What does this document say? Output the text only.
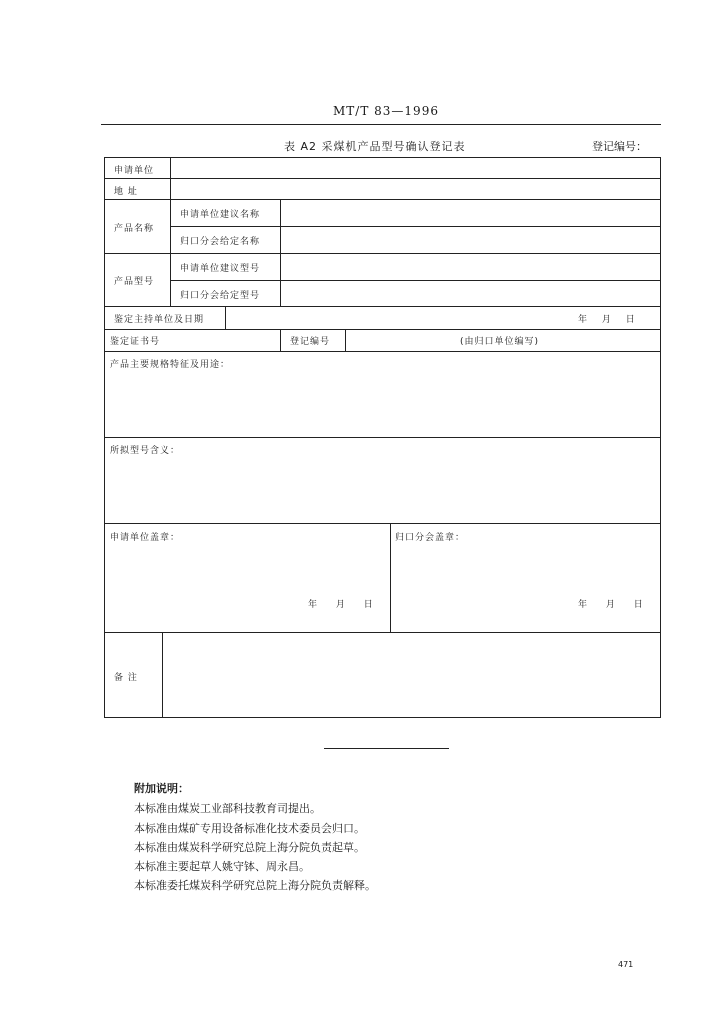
MT/T 83—1996
表 A2 采煤机产品型号确认登记表	登记编号：
申请单位
地 址
产品名称
申请单位建议名称
归口分会给定名称
产品型号
申请单位建议型号
归口分会给定型号
鉴定主持单位及日期	年 月 日
鉴定证书号	登记编号	(由归口单位编写)
产品主要规格特征及用途：
所拟型号含义：
申请单位盖章：	归口分会盖章：
年 月 日	年 月 日
备 注
附加说明：
本标准由煤炭工业部科技教育司提出。
本标准由煤矿专用设备标准化技术委员会归口。
本标准由煤炭科学研究总院上海分院负责起草。
本标准主要起草人姚守钵、周永昌。
本标准委托煤炭科学研究总院上海分院负责解释。
471
